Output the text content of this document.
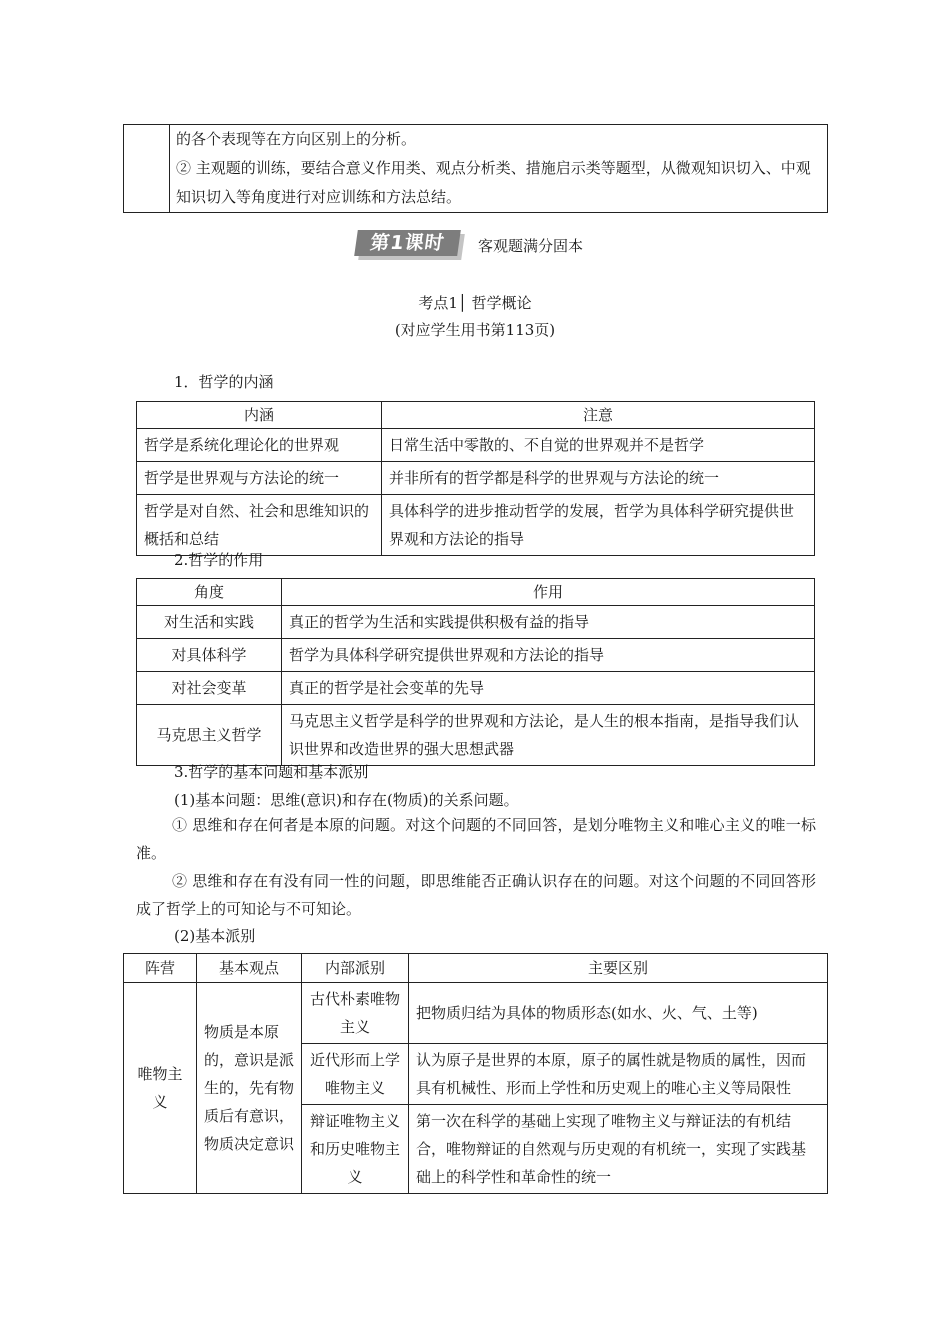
的各个表现等在方向区别上的分析。

② 主观题的训练，要结合意义作用类、观点分析类、措施启示类等题型，从微观知识切入、中观知识切入等角度进行对应训练和方法总结。

第1课时	客观题满分固本
考点1│ 哲学概论
(对应学生用书第113页)
1．哲学的内涵
内涵	注意
哲学是系统化理论化的世界观	日常生活中零散的、不自觉的世界观并不是哲学
哲学是世界观与方法论的统一	并非所有的哲学都是科学的世界观与方法论的统一
哲学是对自然、社会和思维知识的概括和总结	具体科学的进步推动哲学的发展，哲学为具体科学研究提供世界观和方法论的指导
2.哲学的作用
角度	作用
对生活和实践	真正的哲学为生活和实践提供积极有益的指导
对具体科学	哲学为具体科学研究提供世界观和方法论的指导
对社会变革	真正的哲学是社会变革的先导
马克思主义哲学	马克思主义哲学是科学的世界观和方法论，是人生的根本指南，是指导我们认识世界和改造世界的强大思想武器
3.哲学的基本问题和基本派别
(1)基本问题：思维(意识)和存在(物质)的关系问题。

① 思维和存在何者是本原的问题。对这个问题的不同回答，是划分唯物主义和唯心主义的唯一标准。

② 思维和存在有没有同一性的问题，即思维能否正确认识存在的问题。对这个问题的不同回答形成了哲学上的可知论与不可知论。

(2)基本派别
阵营	基本观点	内部派别	主要区别
唯物主义	物质是本原的，意识是派生的，先有物质后有意识，物质决定意识	古代朴素唯物主义	把物质归结为具体的物质形态(如水、火、气、土等)
		近代形而上学唯物主义	认为原子是世界的本原，原子的属性就是物质的属性，因而具有机械性、形而上学性和历史观上的唯心主义等局限性
		辩证唯物主义和历史唯物主义	第一次在科学的基础上实现了唯物主义与辩证法的有机结合，唯物辩证的自然观与历史观的有机统一，实现了实践基础上的科学性和革命性的统一
